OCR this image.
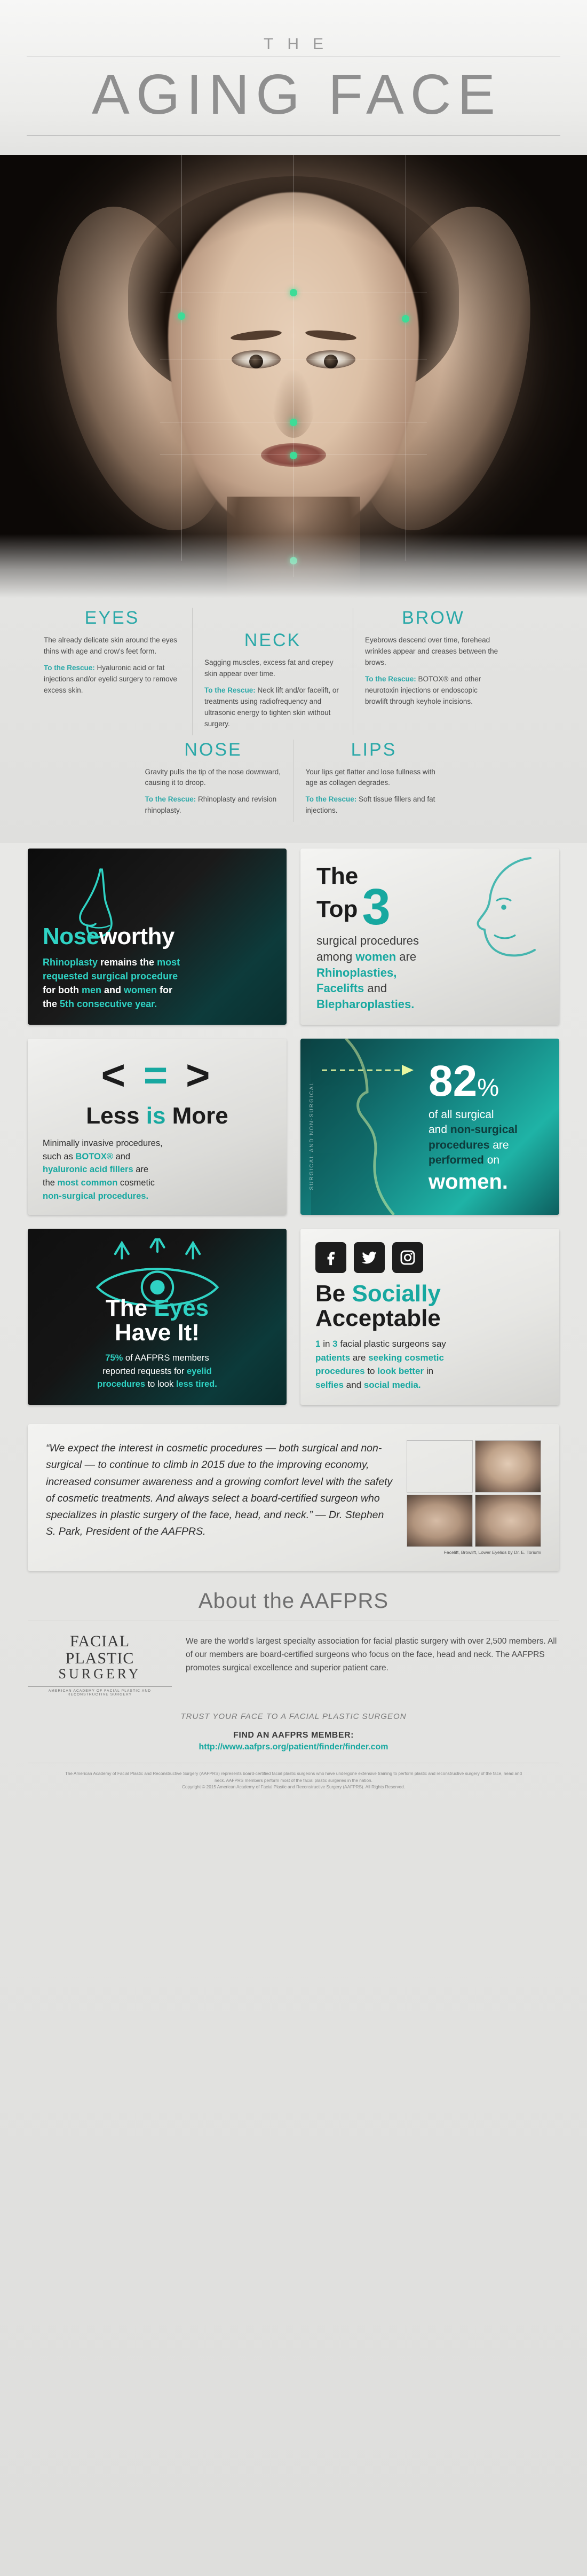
THE
AGING FACE
EYES

The already delicate skin around the eyes thins with age and crow's feet form.

To the Rescue: Hyaluronic acid or fat injections and/or eyelid surgery to remove excess skin.

NECK

Sagging muscles, excess fat and crepey skin appear over time.

To the Rescue: Neck lift and/or facelift, or treatments using radiofrequency and ultrasonic energy to tighten skin without surgery.

BROW

Eyebrows descend over time, forehead wrinkles appear and creases between the brows.

To the Rescue: BOTOX® and other neurotoxin injections or endoscopic browlift through keyhole incisions.

NOSE

Gravity pulls the tip of the nose downward, causing it to droop.

To the Rescue: Rhinoplasty and revision rhinoplasty.

LIPS

Your lips get flatter and lose fullness with age as collagen degrades.

To the Rescue: Soft tissue fillers and fat injections.

Noseworthy
Rhinoplasty remains the most
requested surgical procedure
for both men and women for
the 5th consecutive year.
The
Top3
surgical procedures
among women are
Rhinoplasties,
Facelifts and
Blepharoplasties.
< = >
Less is More
Minimally invasive procedures,
such as BOTOX® and
hyaluronic acid fillers are
the most common cosmetic
non-surgical procedures.
SURGICAL AND NON-SURGICAL
82%
of all surgical
and non-surgical
procedures are
performed on
women.
The Eyes
Have It!
75% of AAFPRS members
reported requests for eyelid
procedures to look less tired.
Be Socially
Acceptable
1 in 3 facial plastic surgeons say
patients are seeking cosmetic
procedures to look better in
selfies and social media.

“We expect the interest in cosmetic procedures — both surgical and non-surgical — to continue to climb in 2015 due to the improving economy, increased consumer awareness and a growing comfort level with the safety of cosmetic treatments. And always select a board-certified surgeon who specializes in plastic surgery of the face, head, and neck.” — Dr. Stephen S. Park, President of the AAFPRS.

Facelift, Browlift, Lower Eyelids by Dr. E. Toriumi
About the AAFPRS
FACIAL
PLASTIC
SURGERY
AMERICAN ACADEMY OF FACIAL PLASTIC AND RECONSTRUCTIVE SURGERY

We are the world's largest specialty association for facial plastic surgery with over 2,500 members. All of our members are board-certified surgeons who focus on the face, head and neck. The AAFPRS promotes surgical excellence and superior patient care.

TRUST YOUR FACE TO A FACIAL PLASTIC SURGEON
FIND AN AAFPRS MEMBER:
http://www.aafprs.org/patient/finder/finder.com
The American Academy of Facial Plastic and Reconstructive Surgery (AAFPRS) represents board-certified facial plastic surgeons who have undergone extensive training to perform plastic and reconstructive surgery of the face, head and neck. AAFPRS members perform most of the facial plastic surgeries in the nation.
Copyright © 2015 American Academy of Facial Plastic and Reconstructive Surgery (AAFPRS). All Rights Reserved.
